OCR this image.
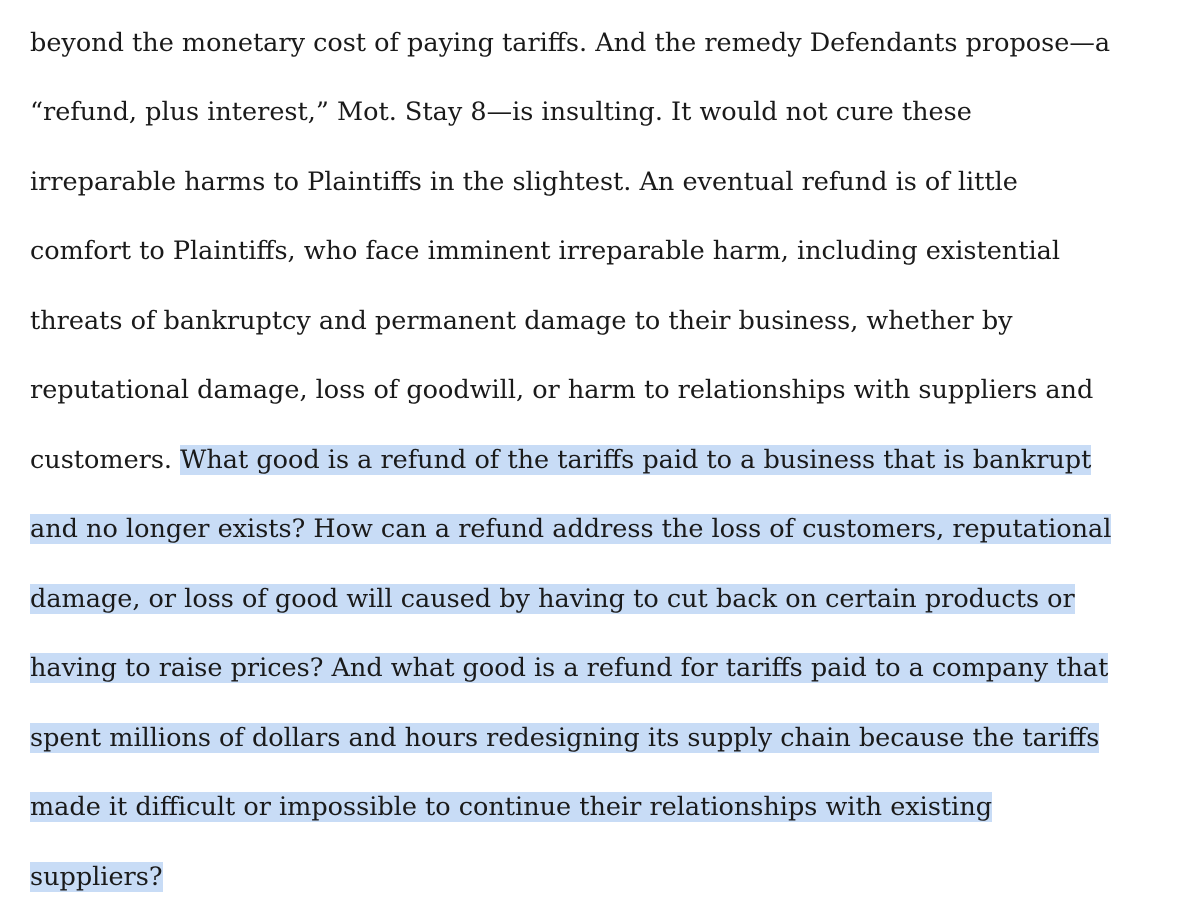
beyond the monetary cost of paying tariffs. And the remedy Defendants propose—a
“refund, plus interest,” Mot. Stay 8—is insulting. It would not cure these
irreparable harms to Plaintiffs in the slightest. An eventual refund is of little
comfort to Plaintiffs, who face imminent irreparable harm, including existential
threats of bankruptcy and permanent damage to their business, whether by
reputational damage, loss of goodwill, or harm to relationships with suppliers and
customers. What good is a refund of the tariffs paid to a business that is bankrupt
and no longer exists? How can a refund address the loss of customers, reputational
damage, or loss of good will caused by having to cut back on certain products or
having to raise prices? And what good is a refund for tariffs paid to a company that
spent millions of dollars and hours redesigning its supply chain because the tariffs
made it difficult or impossible to continue their relationships with existing
suppliers?
